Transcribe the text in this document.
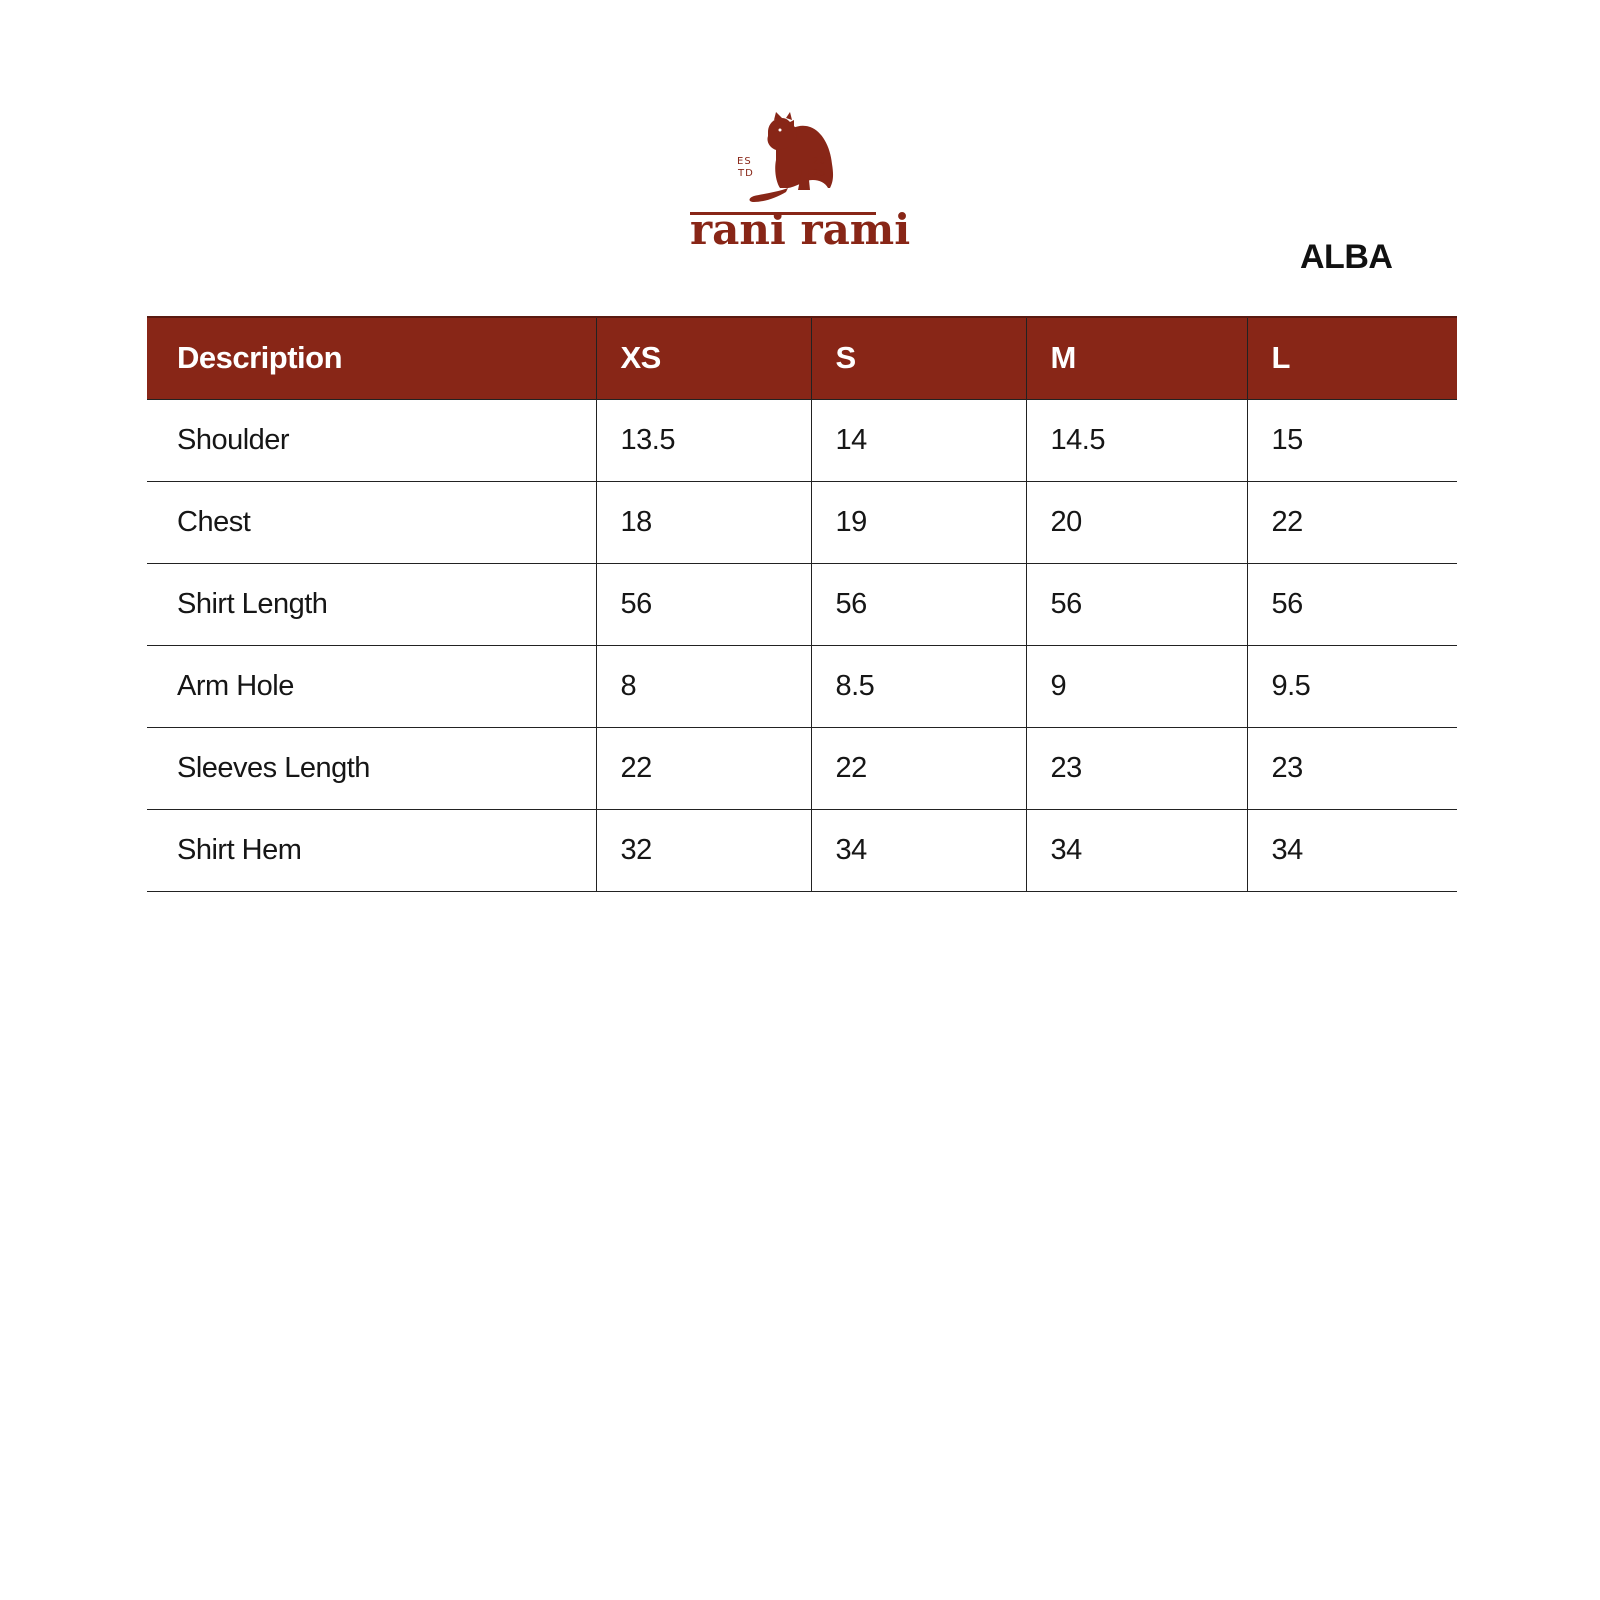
ES
TD
20
25
rani rami
ALBA
Description	XS	S	M	L
Shoulder	13.5	14	14.5	15
Chest	18	19	20	22
Shirt Length	56	56	56	56
Arm Hole	8	8.5	9	9.5
Sleeves Length	22	22	23	23
Shirt Hem	32	34	34	34
